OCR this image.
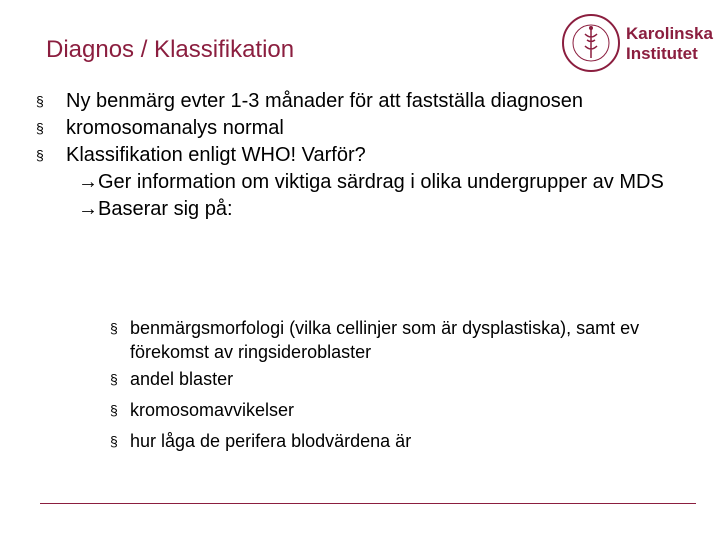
Diagnos / Klassifikation
Karolinska
Institutet

§ Ny benmärg evter 1-3 månader för att fastställa diagnosen

§ kromosomanalys normal

§ Klassifikation enligt WHO! Varför?

→Ger information om viktiga särdrag i olika undergrupper av MDS

→Baserar sig på:

§ benmärgsmorfologi (vilka cellinjer som är dysplastiska), samt ev förekomst av ringsideroblaster

§ andel blaster

§ kromosomavvikelser

§ hur låga de perifera blodvärdena är
